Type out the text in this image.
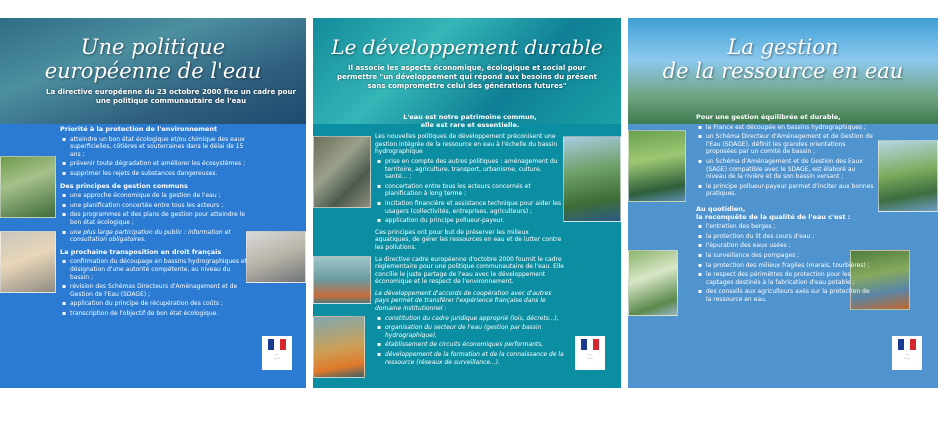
Une politique
européenne de l'eau
La directive européenne du 23 octobre 2000 fixe un cadre pour une politique communautaire de l'eau
Priorité à la protection de l'environnement
▪ atteindre un bon état écologique et/ou chimique des eaux superficielles, côtières et souterraines dans le délai de 15 ans ;
▪ prévenir toute dégradation et améliorer les écosystèmes ;
▪ supprimer les rejets de substances dangereuses.
Des principes de gestion communs
▪ une approche économique de la gestion de l'eau ;
▪ une planification concertée entre tous les acteurs ;
▪ des programmes et des plans de gestion pour atteindre le bon état écologique ;
▪ une plus large participation du public : information et consultation obligatoires.
La prochaine transposition en droit français
▪ confirmation du découpage en bassins hydrographiques et désignation d'une autorité compétente, au niveau du bassin ;
▪ révision des Schémas Directeurs d'Aménagement et de Gestion de l'Eau (SDAGE) ;
▪ application du principe de récupération des coûts ;
▪ transcription de l'objectif de bon état écologique.
—
——
Le développement durable
Il associe les aspects économique, écologique et social pour permettre "un développement qui répond aux besoins du présent sans compromettre celui des générations futures"
L'eau est notre patrimoine commun,
elle est rare et essentielle.
Les nouvelles politiques de développement préconisent une gestion intégrée de la ressource en eau à l'échelle du bassin hydrographique
▪ prise en compte des autres politiques : aménagement du territoire, agriculture, transport, urbanisme, culture, santé... ;
▪ concertation entre tous les acteurs concernés et planification à long terme ;
▪ incitation financière et assistance technique pour aider les usagers (collectivités, entreprises, agriculteurs) ;
▪ application du principe pollueur-payeur.
Ces principes ont pour but de préserver les milieux aquatiques, de gérer les ressources en eau et de lutter contre les pollutions.
La directive cadre européenne d'octobre 2000 fournit le cadre réglementaire pour une politique communautaire de l'eau. Elle concilie le juste partage de l'eau avec le développement économique et le respect de l'environnement.
Le développement d'accords de coopération avec d'autres pays permet de transférer l'expérience française dans le domaine institutionnel :
▪ constitution du cadre juridique approprié (lois, décrets...),
▪ organisation du secteur de l'eau (gestion par bassin hydrographique),
▪ établissement de circuits économiques performants,
▪ développement de la formation et de la connaissance de la ressource (réseaux de surveillance...).
—
——
La gestion
de la ressource en eau
Pour une gestion équilibrée et durable,
▪ la France est découpée en bassins hydrographiques ;
▪ un Schéma Directeur d'Aménagement et de Gestion de l'Eau (SDAGE), définit les grandes orientations proposées par un comité de bassin ;
▪ un Schéma d'Aménagement et de Gestion des Eaux (SAGE) compatible avec le SDAGE, est élaboré au niveau de la rivière et de son bassin versant ;
▪ le principe pollueur-payeur permet d'inciter aux bonnes pratiques.
Au quotidien,
la reconquête de la qualité de l'eau c'est :
▪ l'entretien des berges ;
▪ la protection du lit des cours d'eau ;
▪ l'épuration des eaux usées ;
▪ la surveillance des pompages ;
▪ la protection des milieux fragiles (marais, tourbières) ;
▪ le respect des périmètres de protection pour les captages destinés à la fabrication d'eau potable ;
▪ des conseils aux agriculteurs axés sur la protection de la ressource en eau.
—
——
